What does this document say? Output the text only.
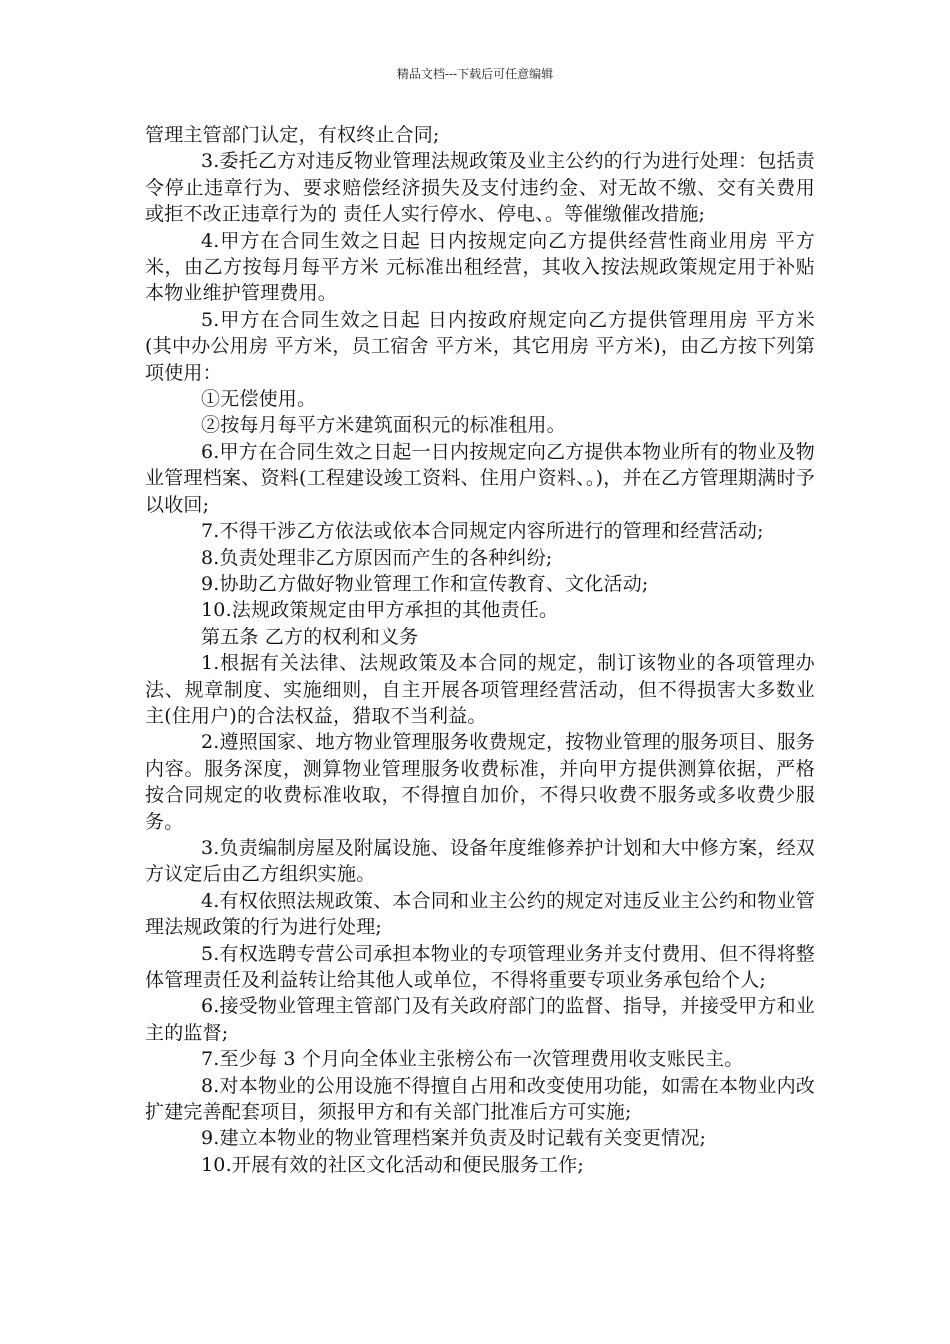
精品文档---下载后可任意编辑

管理主管部门认定，有权终止合同;

3.委托乙方对违反物业管理法规政策及业主公约的行为进行处理：包括责令停止违章行为、要求赔偿经济损失及支付违约金、对无故不缴、交有关费用或拒不改正违章行为的 责任人实行停水、停电、。等催缴催改措施;

4.甲方在合同生效之日起 日内按规定向乙方提供经营性商业用房 平方米，由乙方按每月每平方米 元标准出租经营，其收入按法规政策规定用于补贴本物业维护管理费用。

5.甲方在合同生效之日起 日内按政府规定向乙方提供管理用房 平方米(其中办公用房 平方米，员工宿舍 平方米，其它用房 平方米)，由乙方按下列第 项使用：

①无偿使用。

②按每月每平方米建筑面积元的标准租用。

6.甲方在合同生效之日起一日内按规定向乙方提供本物业所有的物业及物业管理档案、资料(工程建设竣工资料、住用户资料、。)，并在乙方管理期满时予以收回;

7.不得干涉乙方依法或依本合同规定内容所进行的管理和经营活动;

8.负责处理非乙方原因而产生的各种纠纷;

9.协助乙方做好物业管理工作和宣传教育、文化活动;

10.法规政策规定由甲方承担的其他责任。

第五条 乙方的权利和义务

1.根据有关法律、法规政策及本合同的规定，制订该物业的各项管理办法、规章制度、实施细则，自主开展各项管理经营活动，但不得损害大多数业主(住用户)的合法权益，猎取不当利益。

2.遵照国家、地方物业管理服务收费规定，按物业管理的服务项目、服务内容。服务深度，测算物业管理服务收费标准，并向甲方提供测算依据，严格按合同规定的收费标准收取，不得擅自加价，不得只收费不服务或多收费少服务。

3.负责编制房屋及附属设施、设备年度维修养护计划和大中修方案，经双方议定后由乙方组织实施。

4.有权依照法规政策、本合同和业主公约的规定对违反业主公约和物业管理法规政策的行为进行处理;

5.有权选聘专营公司承担本物业的专项管理业务并支付费用、但不得将整体管理责任及利益转让给其他人或单位，不得将重要专项业务承包给个人;

6.接受物业管理主管部门及有关政府部门的监督、指导，并接受甲方和业主的监督;

7.至少每 3 个月向全体业主张榜公布一次管理费用收支账民主。

8.对本物业的公用设施不得擅自占用和改变使用功能，如需在本物业内改扩建完善配套项目，须报甲方和有关部门批准后方可实施;

9.建立本物业的物业管理档案并负责及时记载有关变更情况;

10.开展有效的社区文化活动和便民服务工作;
